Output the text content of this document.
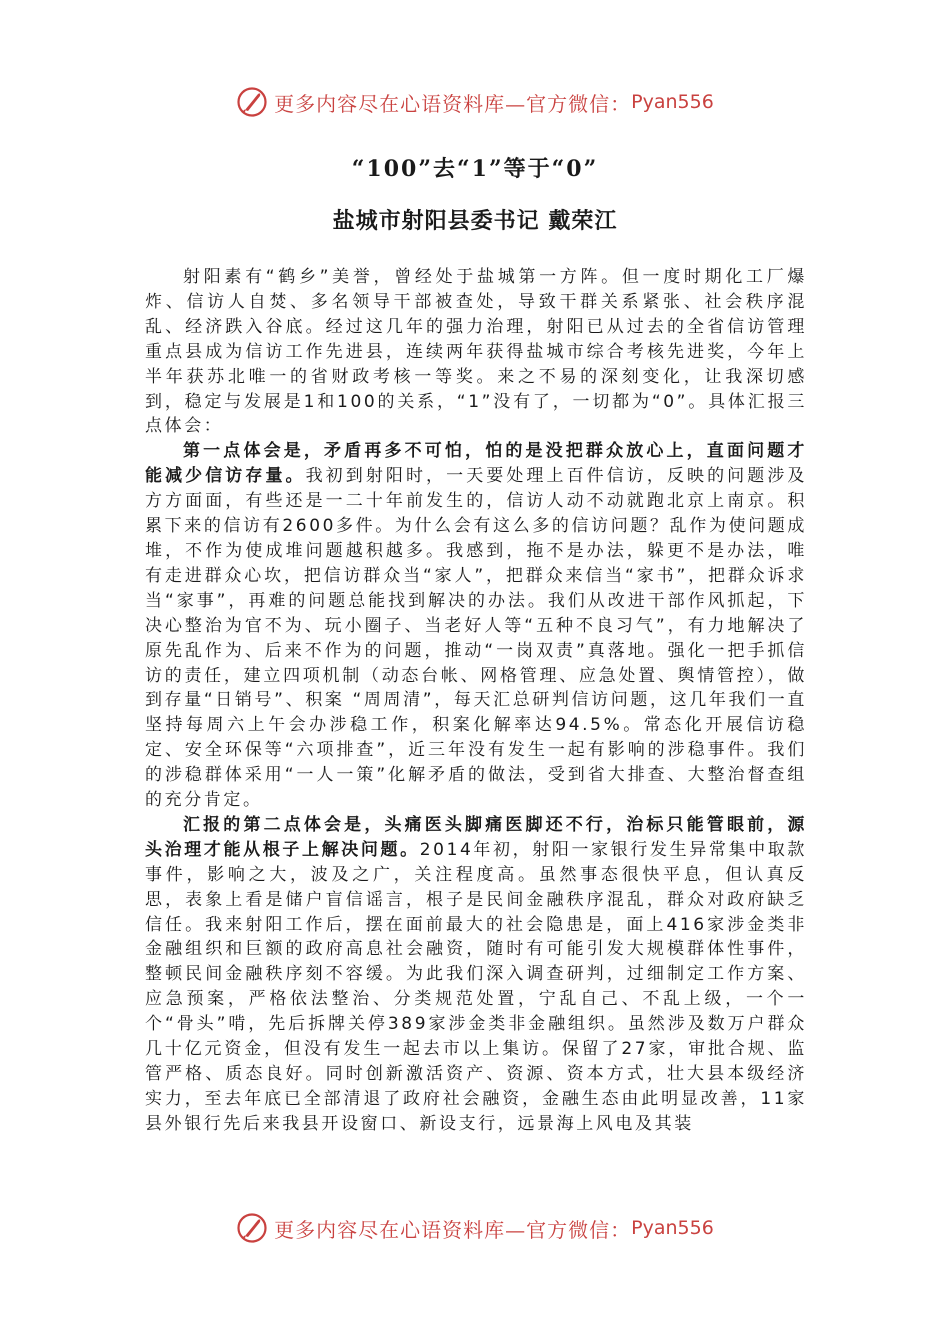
更多内容尽在心语资料库—官方微信： Pyan556
“100”去“1”等于“0”
盐城市射阳县委书记 戴荣江

射阳素有“鹤乡”美誉，曾经处于盐城第一方阵。但一度时期化工厂爆炸、信访人自焚、多名领导干部被查处，导致干群关系紧张、社会秩序混乱、经济跌入谷底。经过这几年的强力治理，射阳已从过去的全省信访管理重点县成为信访工作先进县，连续两年获得盐城市综合考核先进奖，今年上半年获苏北唯一的省财政考核一等奖。来之不易的深刻变化，让我深切感到，稳定与发展是1和100的关系，“1”没有了，一切都为“0”。具体汇报三点体会：

第一点体会是，矛盾再多不可怕，怕的是没把群众放心上，直面问题才能减少信访存量。我初到射阳时，一天要处理上百件信访，反映的问题涉及方方面面，有些还是一二十年前发生的，信访人动不动就跑北京上南京。积累下来的信访有2600多件。为什么会有这么多的信访问题？乱作为使问题成堆，不作为使成堆问题越积越多。我感到，拖不是办法，躲更不是办法，唯有走进群众心坎，把信访群众当“家人”，把群众来信当“家书”，把群众诉求当“家事”，再难的问题总能找到解决的办法。我们从改进干部作风抓起，下决心整治为官不为、玩小圈子、当老好人等“五种不良习气”，有力地解决了原先乱作为、后来不作为的问题，推动“一岗双责”真落地。强化一把手抓信访的责任，建立四项机制（动态台帐、网格管理、应急处置、舆情管控），做到存量“日销号”、积案 “周周清”，每天汇总研判信访问题，这几年我们一直坚持每周六上午会办涉稳工作，积案化解率达94.5%。常态化开展信访稳定、安全环保等“六项排查”，近三年没有发生一起有影响的涉稳事件。我们的涉稳群体采用“一人一策”化解矛盾的做法，受到省大排查、大整治督查组的充分肯定。

汇报的第二点体会是，头痛医头脚痛医脚还不行，治标只能管眼前，源头治理才能从根子上解决问题。2014年初，射阳一家银行发生异常集中取款事件，影响之大，波及之广，关注程度高。虽然事态很快平息，但认真反思，表象上看是储户盲信谣言，根子是民间金融秩序混乱，群众对政府缺乏信任。我来射阳工作后，摆在面前最大的社会隐患是，面上416家涉金类非金融组织和巨额的政府高息社会融资，随时有可能引发大规模群体性事件，整顿民间金融秩序刻不容缓。为此我们深入调查研判，过细制定工作方案、应急预案，严格依法整治、分类规范处置，宁乱自己、不乱上级，一个一个“骨头”啃，先后拆牌关停389家涉金类非金融组织。虽然涉及数万户群众几十亿元资金，但没有发生一起去市以上集访。保留了27家，审批合规、监管严格、质态良好。同时创新激活资产、资源、资本方式，壮大县本级经济实力，至去年底已全部清退了政府社会融资，金融生态由此明显改善，11家县外银行先后来我县开设窗口、新设支行，远景海上风电及其装

更多内容尽在心语资料库—官方微信： Pyan556
